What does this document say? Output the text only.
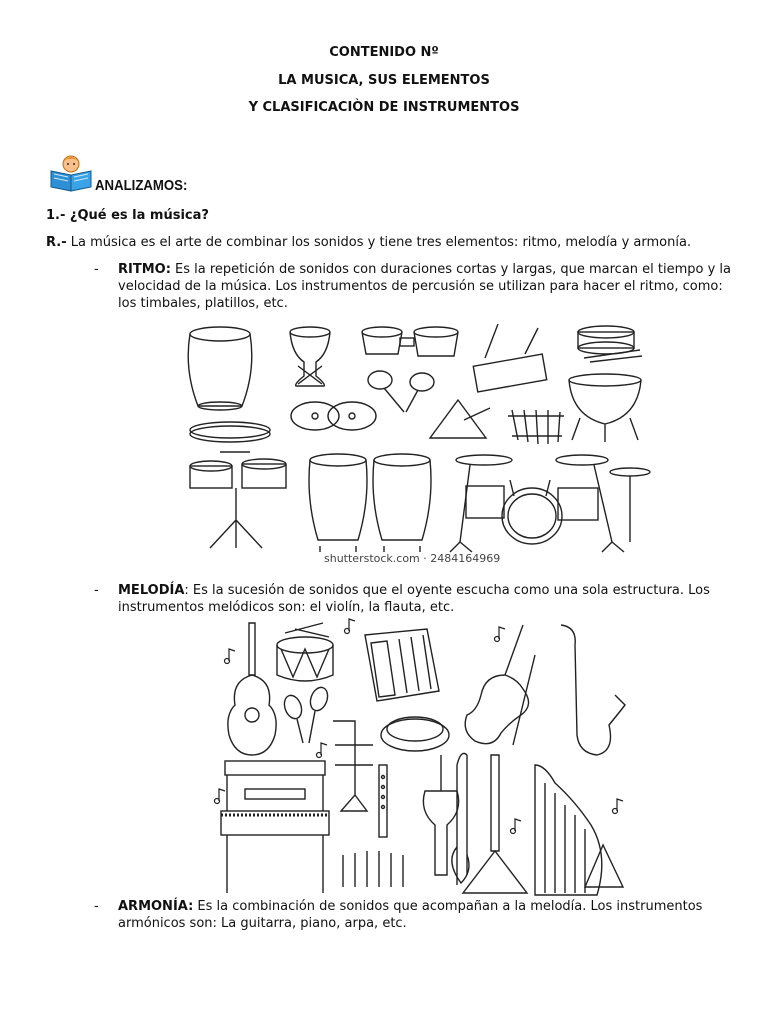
CONTENIDO Nº
LA MUSICA, SUS ELEMENTOS
Y CLASIFICACIÒN DE INSTRUMENTOS
ANALIZAMOS:
1.- ¿Qué es la música?
R.- La música es el arte de combinar los sonidos y tiene tres elementos: ritmo, melodía y armonía.
- RITMO: Es la repetición de sonidos con duraciones cortas y largas, que marcan el tiempo y la velocidad de la música. Los instrumentos de percusión se utilizan para hacer el ritmo, como: los timbales, platillos, etc.
shutterstock.com · 2484164969
- MELODÍA: Es la sucesión de sonidos que el oyente escucha como una sola estructura. Los instrumentos melódicos son: el violín, la flauta, etc.
- ARMONÍA: Es la combinación de sonidos que acompañan a la melodía. Los instrumentos armónicos son: La guitarra, piano, arpa, etc.
